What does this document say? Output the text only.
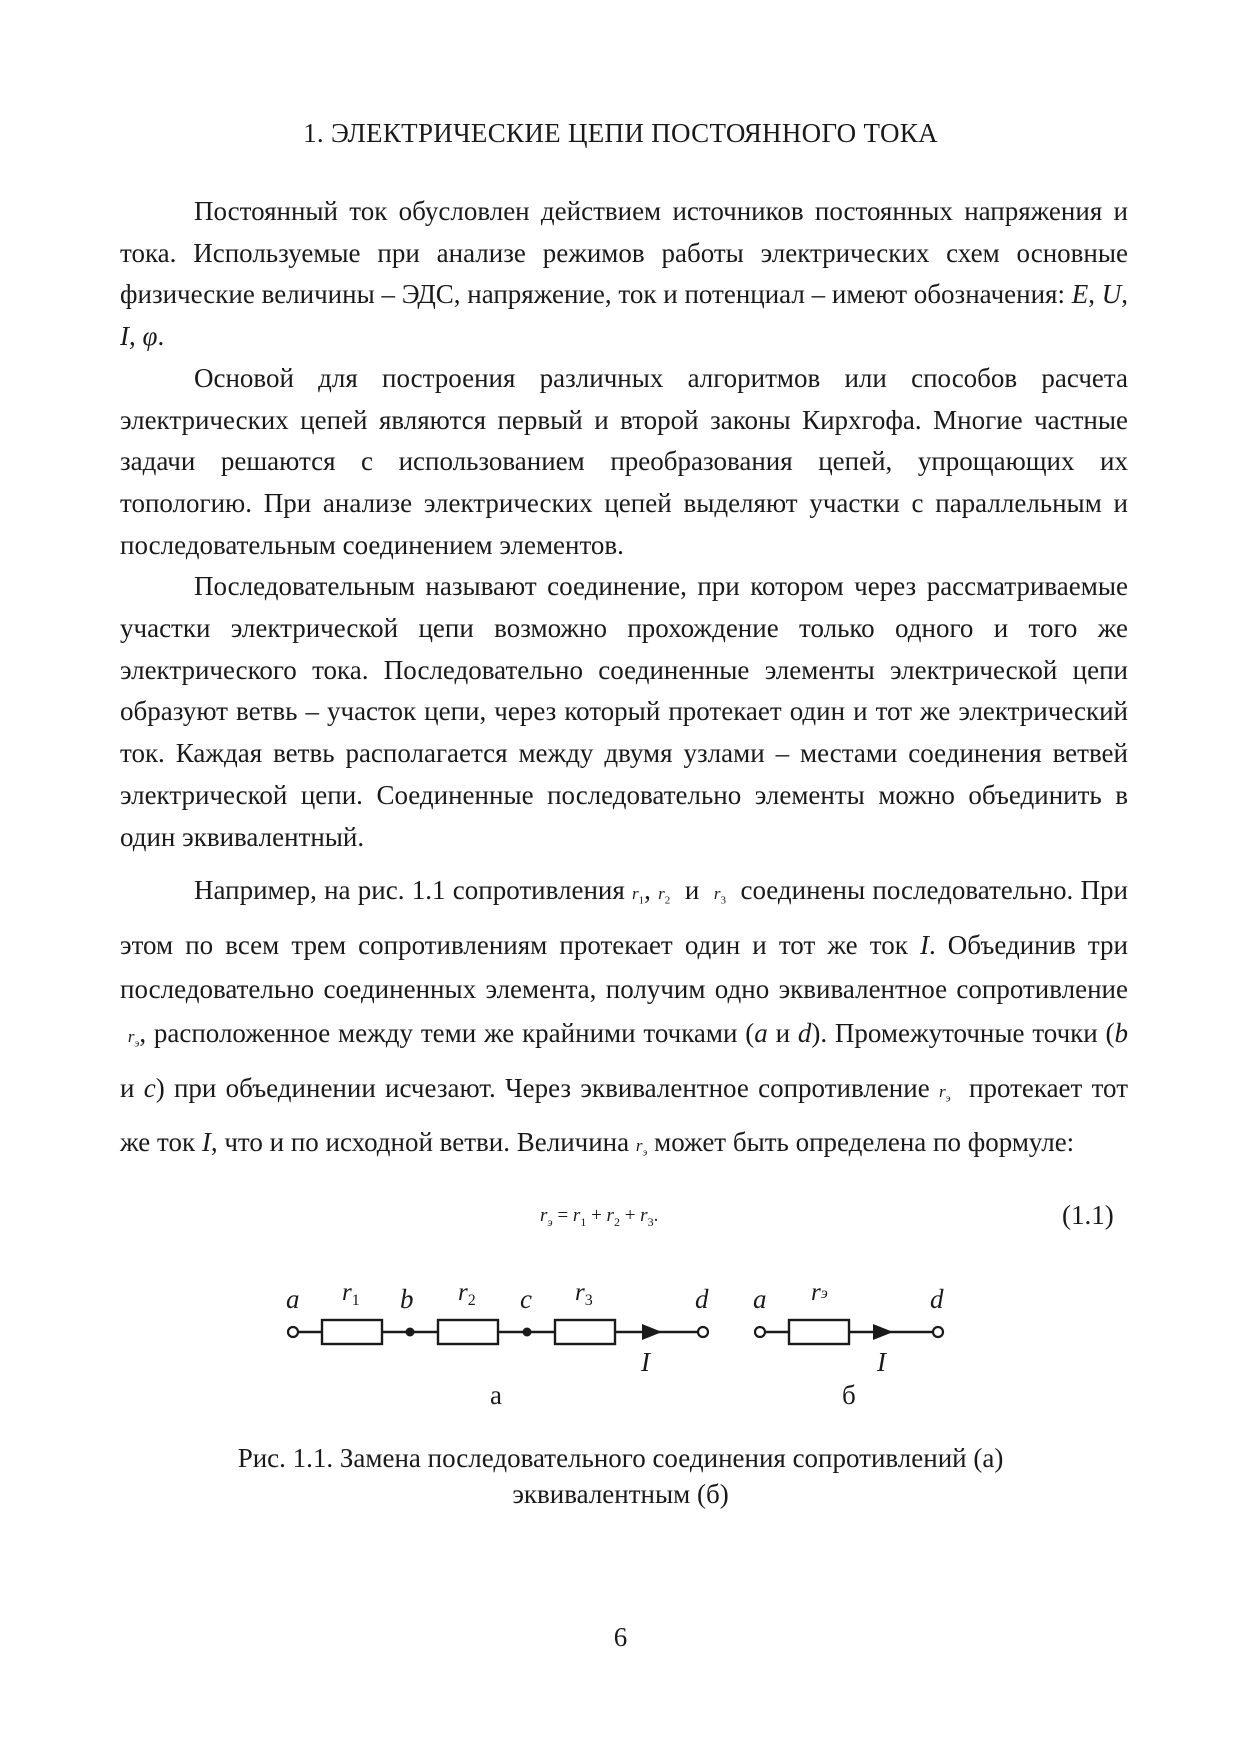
1. ЭЛЕКТРИЧЕСКИЕ ЦЕПИ ПОСТОЯННОГО ТОКА

Постоянный ток обусловлен действием источников постоянных напряжения и тока. Используемые при анализе режимов работы электрических схем основные физические величины – ЭДС, напряжение, ток и потенциал – имеют обозначения: E, U, I, φ.

Основой для построения различных алгоритмов или способов расчета электрических цепей являются первый и второй законы Кирхгофа. Многие частные задачи решаются с использованием преобразования цепей, упрощающих их топологию. При анализе электрических цепей выделяют участки с параллельным и последовательным соединением элементов.

Последовательным называют соединение, при котором через рассматриваемые участки электрической цепи возможно прохождение только одного и того же электрического тока. Последовательно соединенные элементы электрической цепи образуют ветвь – участок цепи, через который протекает один и тот же электрический ток. Каждая ветвь располагается между двумя узлами – местами соединения ветвей электрической цепи. Соединенные последовательно элементы можно объединить в один эквивалентный.

Например, на рис. 1.1 сопротивления $r_1$, $r_2$ и $r_3$  соединены последовательно. При этом по всем трем сопротивлениям протекает один и тот же ток I. Объединив три последовательно соединенных элемента, получим одно эквивалентное сопротивление  $r_э$, расположенное между теми же крайними точками (a и d). Промежуточные точки (b и c) при объединении исчезают. Через эквивалентное сопротивление $r_э$  протекает тот же ток I, что и по исходной ветви. Величина $r_э$ может быть определена по формуле:

$r_э = r_1 + r_2 + r_3$.	(1.1)
a	b	c	d
I
$r_1$	$r_2$	$r_3$	a	d
I
rэ
а	б
Рис. 1.1. Замена последовательного соединения сопротивлений (а)
эквивалентным (б)
6
